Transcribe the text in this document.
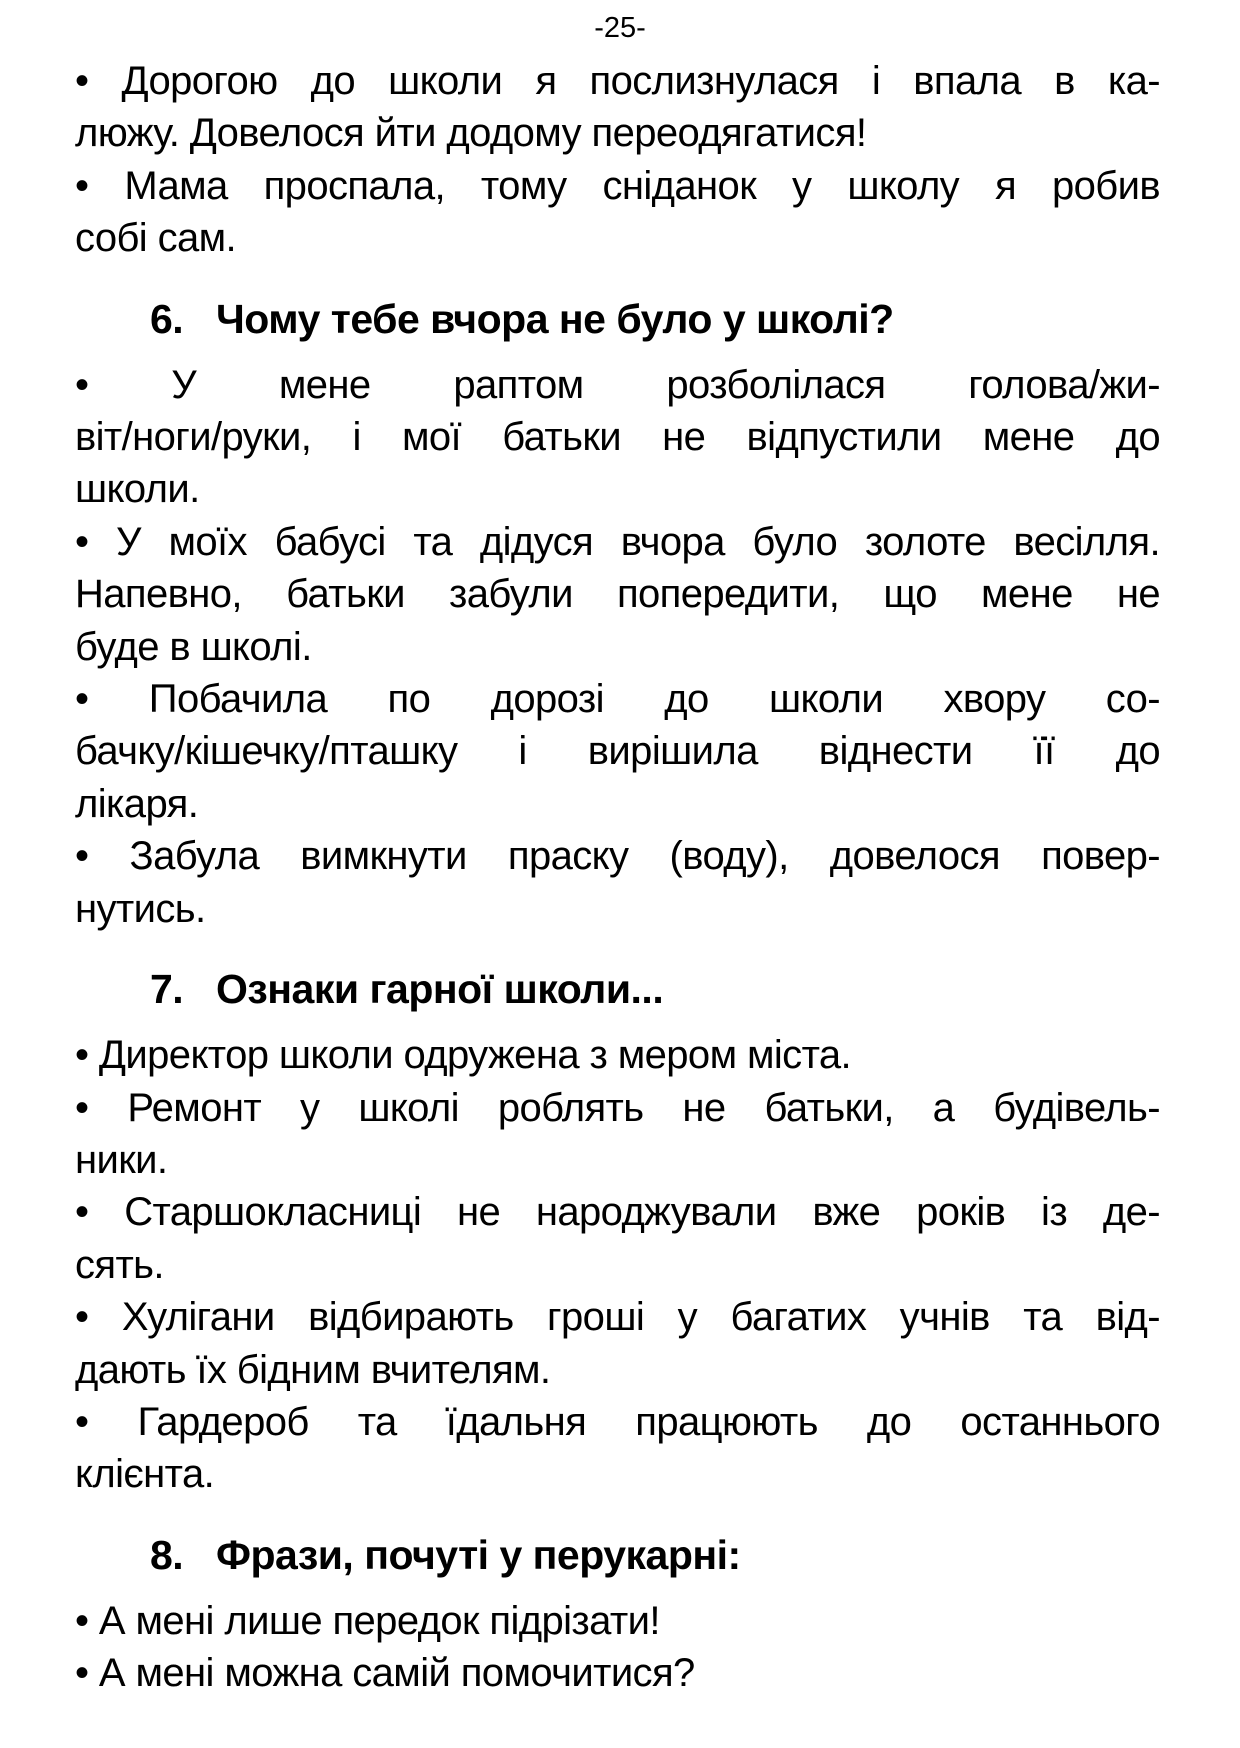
-25-
• Дорогою до школи я послизнулася і впала в ка-
люжу. Довелося йти додому переодягатися!
• Мама проспала, тому сніданок у школу я робив
собі сам.
6. Чому тебе вчора не було у школі?
• У мене раптом розболілася голова/жи-
віт/ноги/руки, і мої батьки не відпустили мене до
школи.
• У моїх бабусі та дідуся вчора було золоте весілля.
Напевно, батьки забули попередити, що мене не
буде в школі.
• Побачила по дорозі до школи хвору со-
бачку/кішечку/пташку і вирішила віднести її до
лікаря.
• Забула вимкнути праску (воду), довелося повер-
нутись.
7. Ознаки гарної школи...
• Директор школи одружена з мером міста.
• Ремонт у школі роблять не батьки, а будівель-
ники.
• Старшокласниці не народжували вже років із де-
сять.
• Хулігани відбирають гроші у багатих учнів та від-
дають їх бідним вчителям.
• Гардероб та їдальня працюють до останнього
клієнта.
8. Фрази, почуті у перукарні:
• А мені лише передок підрізати!
• А мені можна самій помочитися?
